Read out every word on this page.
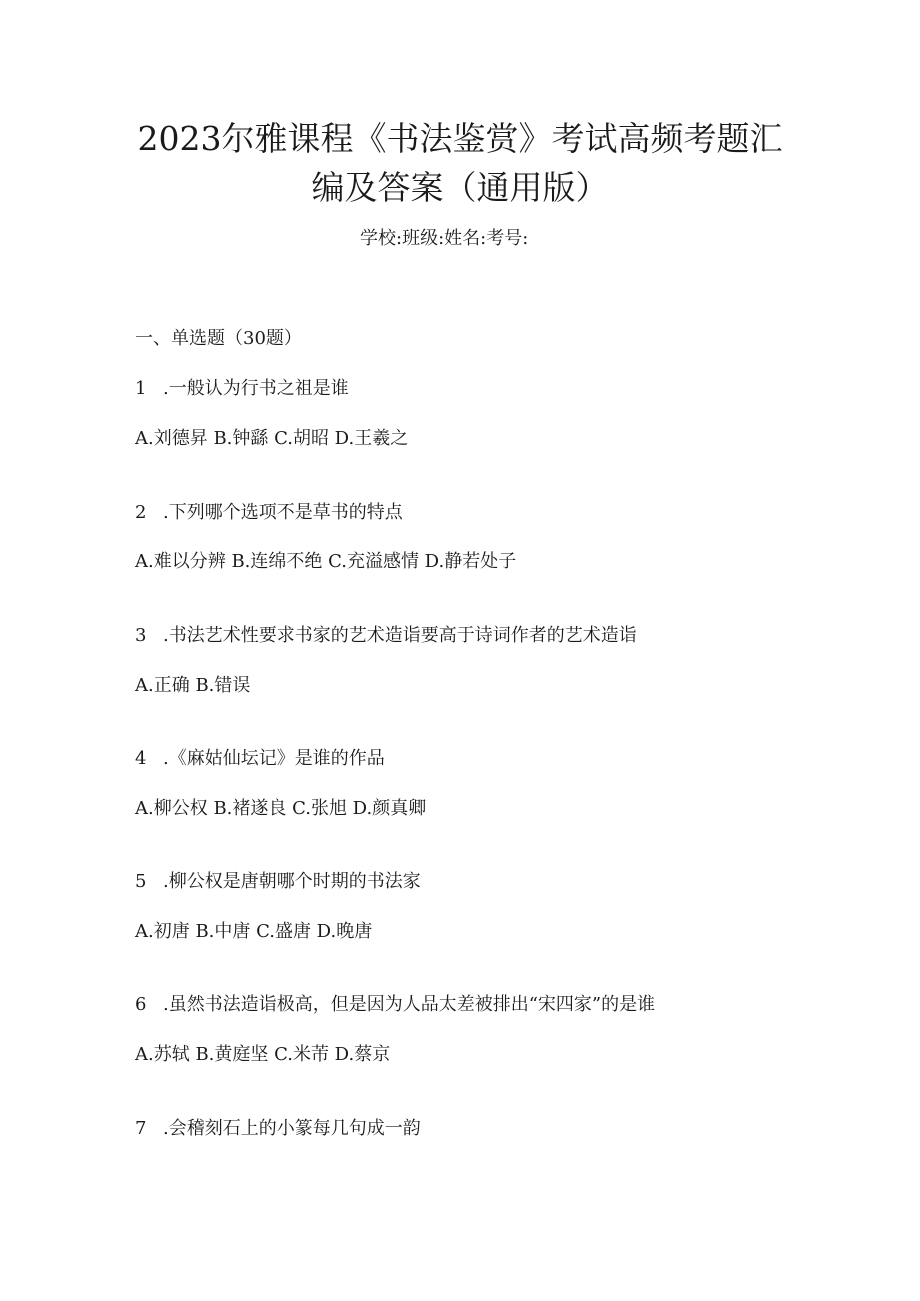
2023尔雅课程《书法鉴赏》考试高频考题汇
编及答案（通用版）
学校:班级:姓名:考号:
一、单选题（30题）
1 .一般认为行书之祖是谁
A.刘德昇 B.钟繇 C.胡昭 D.王羲之
2 .下列哪个选项不是草书的特点
A.难以分辨 B.连绵不绝 C.充溢感情 D.静若处子
3 .书法艺术性要求书家的艺术造诣要高于诗词作者的艺术造诣
A.正确 B.错误
4 .《麻姑仙坛记》是谁的作品
A.柳公权 B.褚遂良 C.张旭 D.颜真卿
5 .柳公权是唐朝哪个时期的书法家
A.初唐 B.中唐 C.盛唐 D.晚唐
6 .虽然书法造诣极高，但是因为人品太差被排出“宋四家”的是谁
A.苏轼 B.黄庭坚 C.米芾 D.蔡京
7 .会稽刻石上的小篆每几句成一韵
